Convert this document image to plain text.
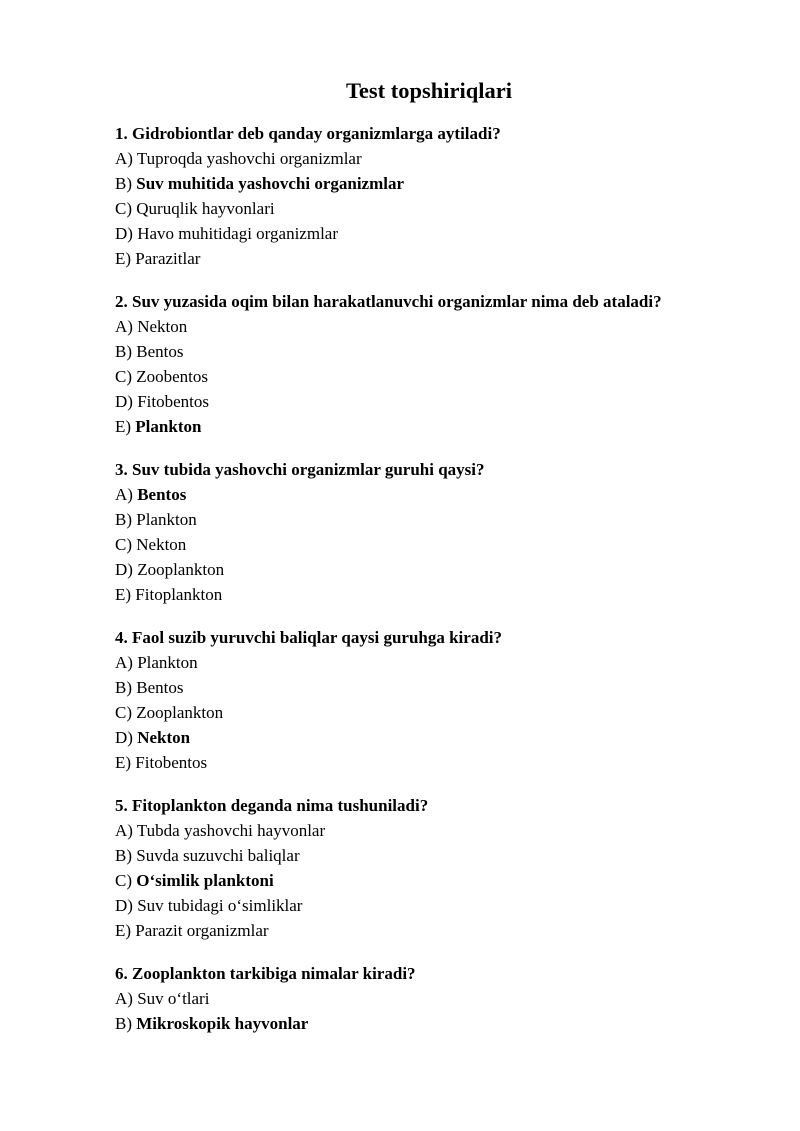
Test topshiriqlari

1. Gidrobiontlar deb qanday organizmlarga aytiladi?

A) Tuproqda yashovchi organizmlar

B) Suv muhitida yashovchi organizmlar

C) Quruqlik hayvonlari

D) Havo muhitidagi organizmlar

E) Parazitlar

2. Suv yuzasida oqim bilan harakatlanuvchi organizmlar nima deb ataladi?

A) Nekton

B) Bentos

C) Zoobentos

D) Fitobentos

E) Plankton

3. Suv tubida yashovchi organizmlar guruhi qaysi?

A) Bentos

B) Plankton

C) Nekton

D) Zooplankton

E) Fitoplankton

4. Faol suzib yuruvchi baliqlar qaysi guruhga kiradi?

A) Plankton

B) Bentos

C) Zooplankton

D) Nekton

E) Fitobentos

5. Fitoplankton deganda nima tushuniladi?

A) Tubda yashovchi hayvonlar

B) Suvda suzuvchi baliqlar

C) O‘simlik planktoni

D) Suv tubidagi o‘simliklar

E) Parazit organizmlar

6. Zooplankton tarkibiga nimalar kiradi?

A) Suv o‘tlari

B) Mikroskopik hayvonlar
